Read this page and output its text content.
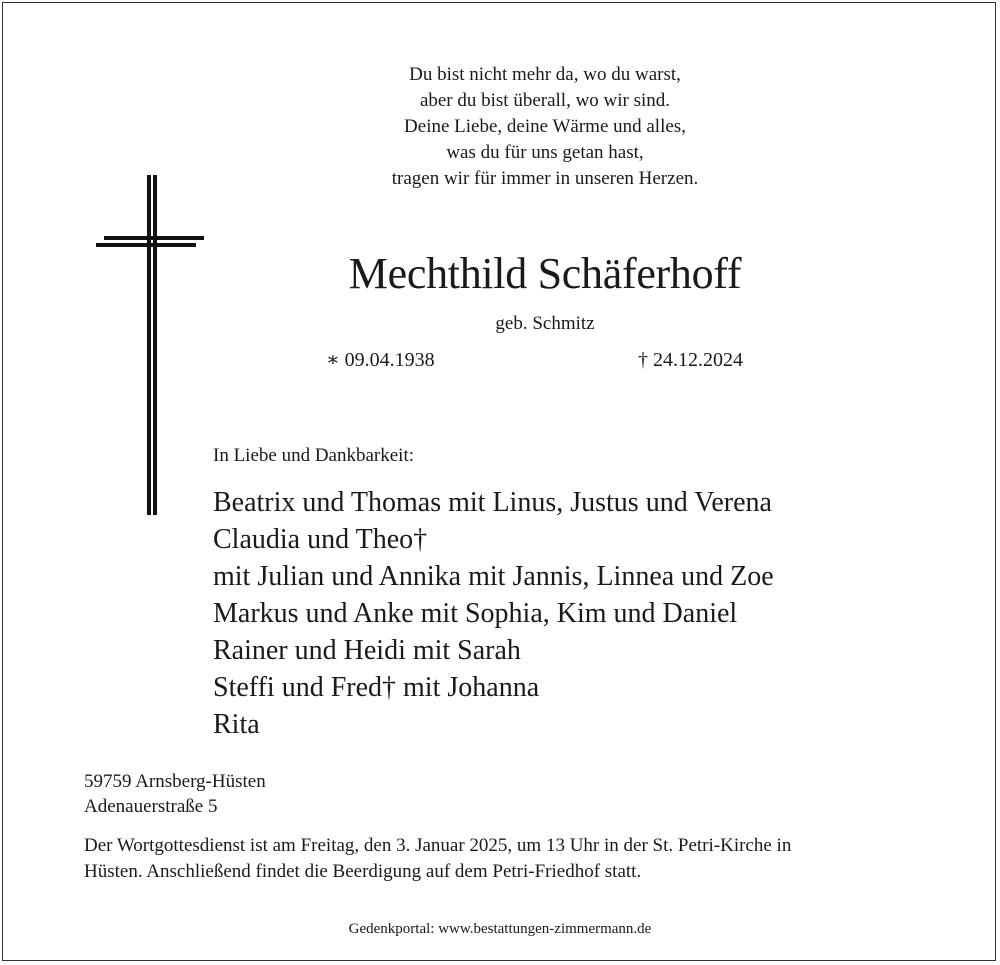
Du bist nicht mehr da, wo du warst,
aber du bist überall, wo wir sind.
Deine Liebe, deine Wärme und alles,
was du für uns getan hast,
tragen wir für immer in unseren Herzen.
Mechthild Schäferhoff
geb. Schmitz
∗ 09.04.1938	† 24.12.2024
In Liebe und Dankbarkeit:
Beatrix und Thomas mit Linus, Justus und Verena
Claudia und Theo†
mit Julian und Annika mit Jannis, Linnea und Zoe
Markus und Anke mit Sophia, Kim und Daniel
Rainer und Heidi mit Sarah
Steffi und Fred† mit Johanna
Rita
59759 Arnsberg-Hüsten
Adenauerstraße 5
Der Wortgottesdienst ist am Freitag, den 3. Januar 2025, um 13 Uhr in der St. Petri-Kirche in
Hüsten. Anschließend findet die Beerdigung auf dem Petri-Friedhof statt.
Gedenkportal: www.bestattungen-zimmermann.de
